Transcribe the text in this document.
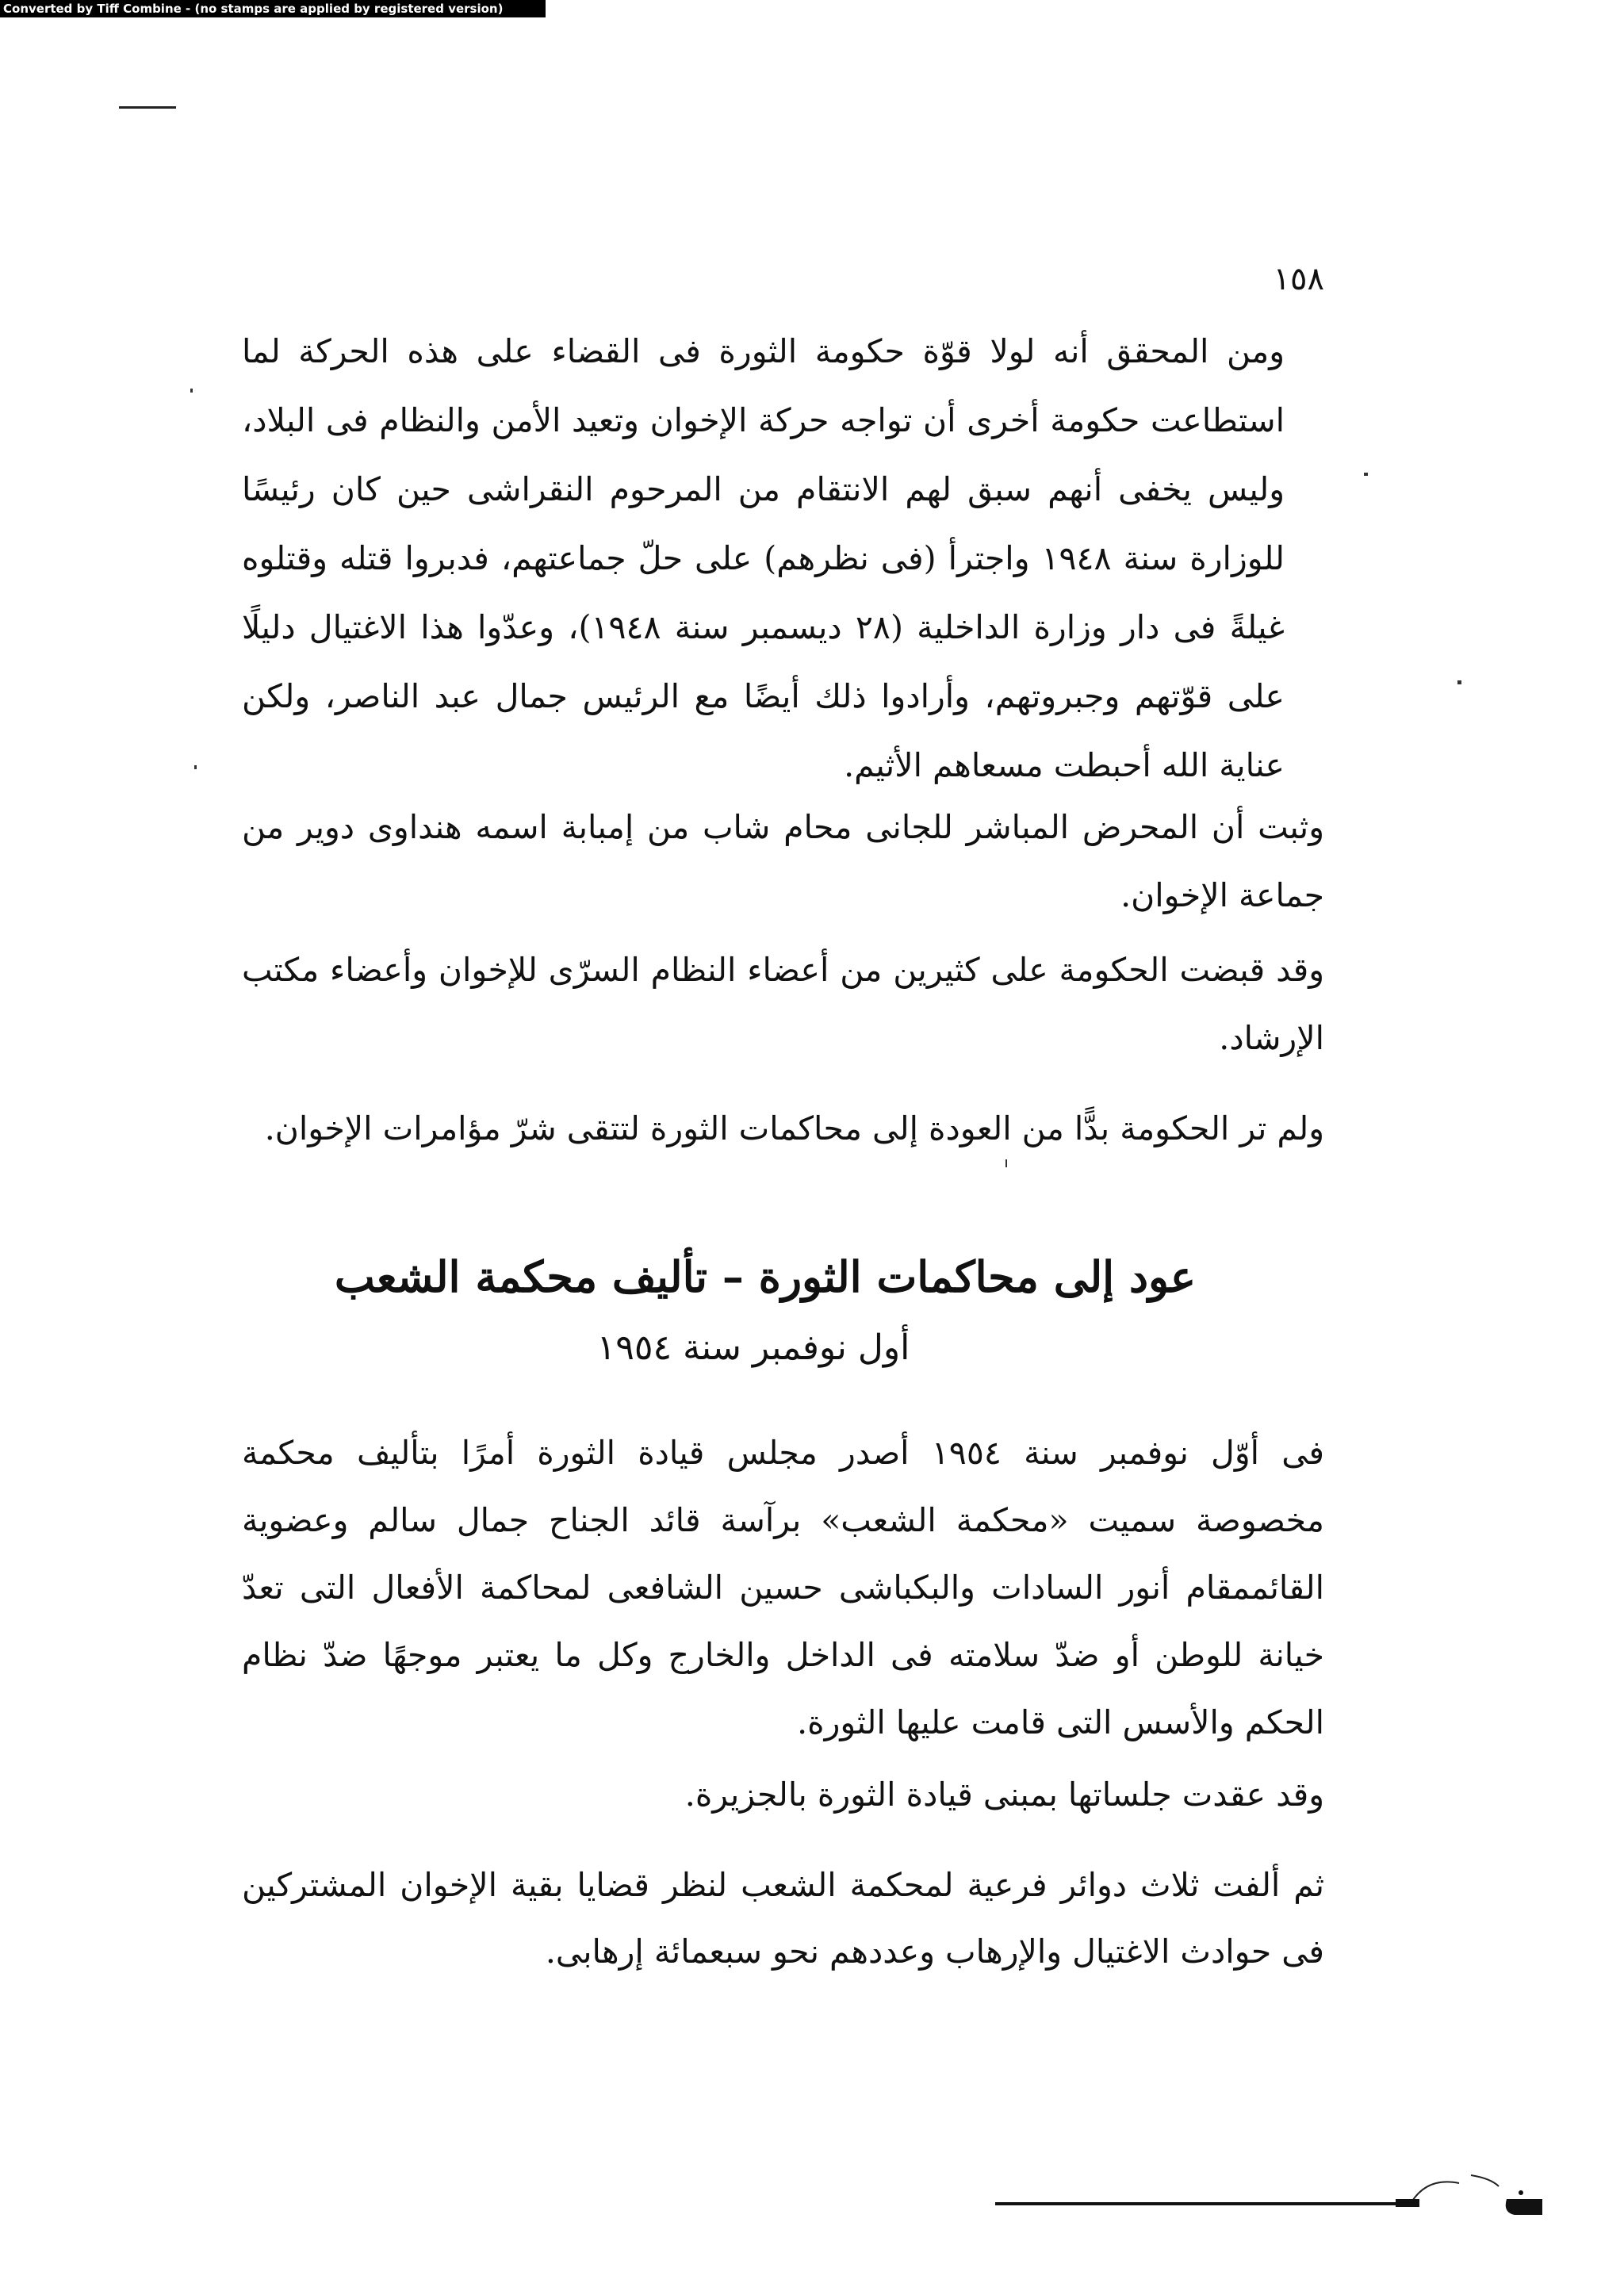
Converted by Tiff Combine - (no stamps are applied by registered version)
١٥٨

ومن المحقق أنه لولا قوّة حكومة الثورة فى القضاء على هذه الحركة لما استطاعت حكومة أخرى أن تواجه حركة الإخوان وتعيد الأمن والنظام فى البلاد، وليس يخفى أنهم سبق لهم الانتقام من المرحوم النقراشى حين كان رئيسًا للوزارة سنة ١٩٤٨ واجترأ (فى نظرهم) على حلّ جماعتهم، فدبروا قتله وقتلوه غيلةً فى دار وزارة الداخلية (٢٨ ديسمبر سنة ١٩٤٨)، وعدّوا هذا الاغتيال دليلًا على قوّتهم وجبروتهم، وأرادوا ذلك أيضًا مع الرئيس جمال عبد الناصر، ولكن عناية الله أحبطت مسعاهم الأثيم.

وثبت أن المحرض المباشر للجانى محام شاب من إمبابة اسمه هنداوى دوير من جماعة الإخوان.

وقد قبضت الحكومة على كثيرين من أعضاء النظام السرّى للإخوان وأعضاء مكتب الإرشاد.

ولم تر الحكومة بدًّا من العودة إلى محاكمات الثورة لتتقى شرّ مؤامرات الإخوان.

عود إلى محاكمات الثورة – تأليف محكمة الشعب
أول نوفمبر سنة ١٩٥٤

فى أوّل نوفمبر سنة ١٩٥٤ أصدر مجلس قيادة الثورة أمرًا بتأليف محكمة مخصوصة سميت «محكمة الشعب» برآسة قائد الجناح جمال سالم وعضوية القائممقام أنور السادات والبكباشى حسين الشافعى لمحاكمة الأفعال التى تعدّ خيانة للوطن أو ضدّ سلامته فى الداخل والخارج وكل ما يعتبر موجهًا ضدّ نظام الحكم والأسس التى قامت عليها الثورة.

وقد عقدت جلساتها بمبنى قيادة الثورة بالجزيرة.

ثم ألفت ثلاث دوائر فرعية لمحكمة الشعب لنظر قضايا بقية الإخوان المشتركين فى حوادث الاغتيال والإرهاب وعددهم نحو سبعمائة إرهابى.
